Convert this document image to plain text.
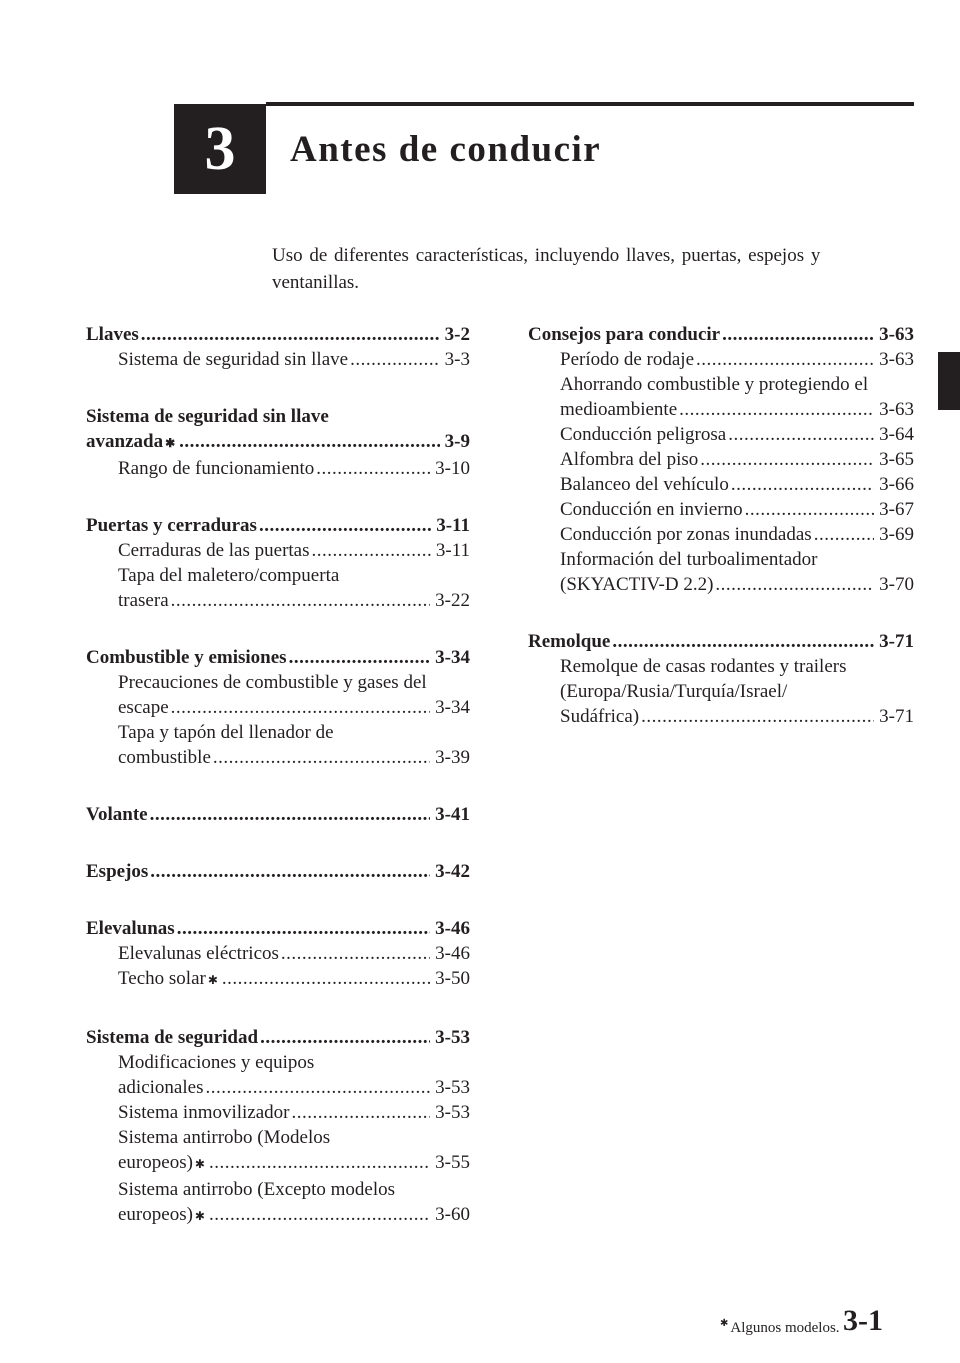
3	Antes de conducir
Uso de diferentes características, incluyendo llaves, puertas, espejos y ventanillas.
Llaves .....	3-2
Sistema de seguridad sin llave .....	3-3
Sistema de seguridad sin llave
avanzada ✱ .....	3-9
Rango de funcionamiento .....	3-10
Puertas y cerraduras .....	3-11
Cerraduras de las puertas .....	3-11
Tapa del maletero/compuerta
trasera .....	3-22
Combustible y emisiones .....	3-34
Precauciones de combustible y gases del
escape .....	3-34
Tapa y tapón del llenador de
combustible .....	3-39
Volante .....	3-41
Espejos .....	3-42
Elevalunas .....	3-46
Elevalunas eléctricos .....	3-46
Techo solar ✱ .....	3-50
Sistema de seguridad .....	3-53
Modificaciones y equipos
adicionales .....	3-53
Sistema inmovilizador .....	3-53
Sistema antirrobo (Modelos
europeos) ✱ .....	3-55
Sistema antirrobo (Excepto modelos
europeos) ✱ .....	3-60
Consejos para conducir .....	3-63
Período de rodaje .....	3-63
Ahorrando combustible y protegiendo el
medioambiente .....	3-63
Conducción peligrosa .....	3-64
Alfombra del piso .....	3-65
Balanceo del vehículo .....	3-66
Conducción en invierno .....	3-67
Conducción por zonas inundadas .....	3-69
Información del turboalimentador
(SKYACTIV-D 2.2) .....	3-70
Remolque .....	3-71
Remolque de casas rodantes y trailers
(Europa/Rusia/Turquía/Israel/
Sudáfrica) .....	3-71
✱ Algunos modelos. 3-1
